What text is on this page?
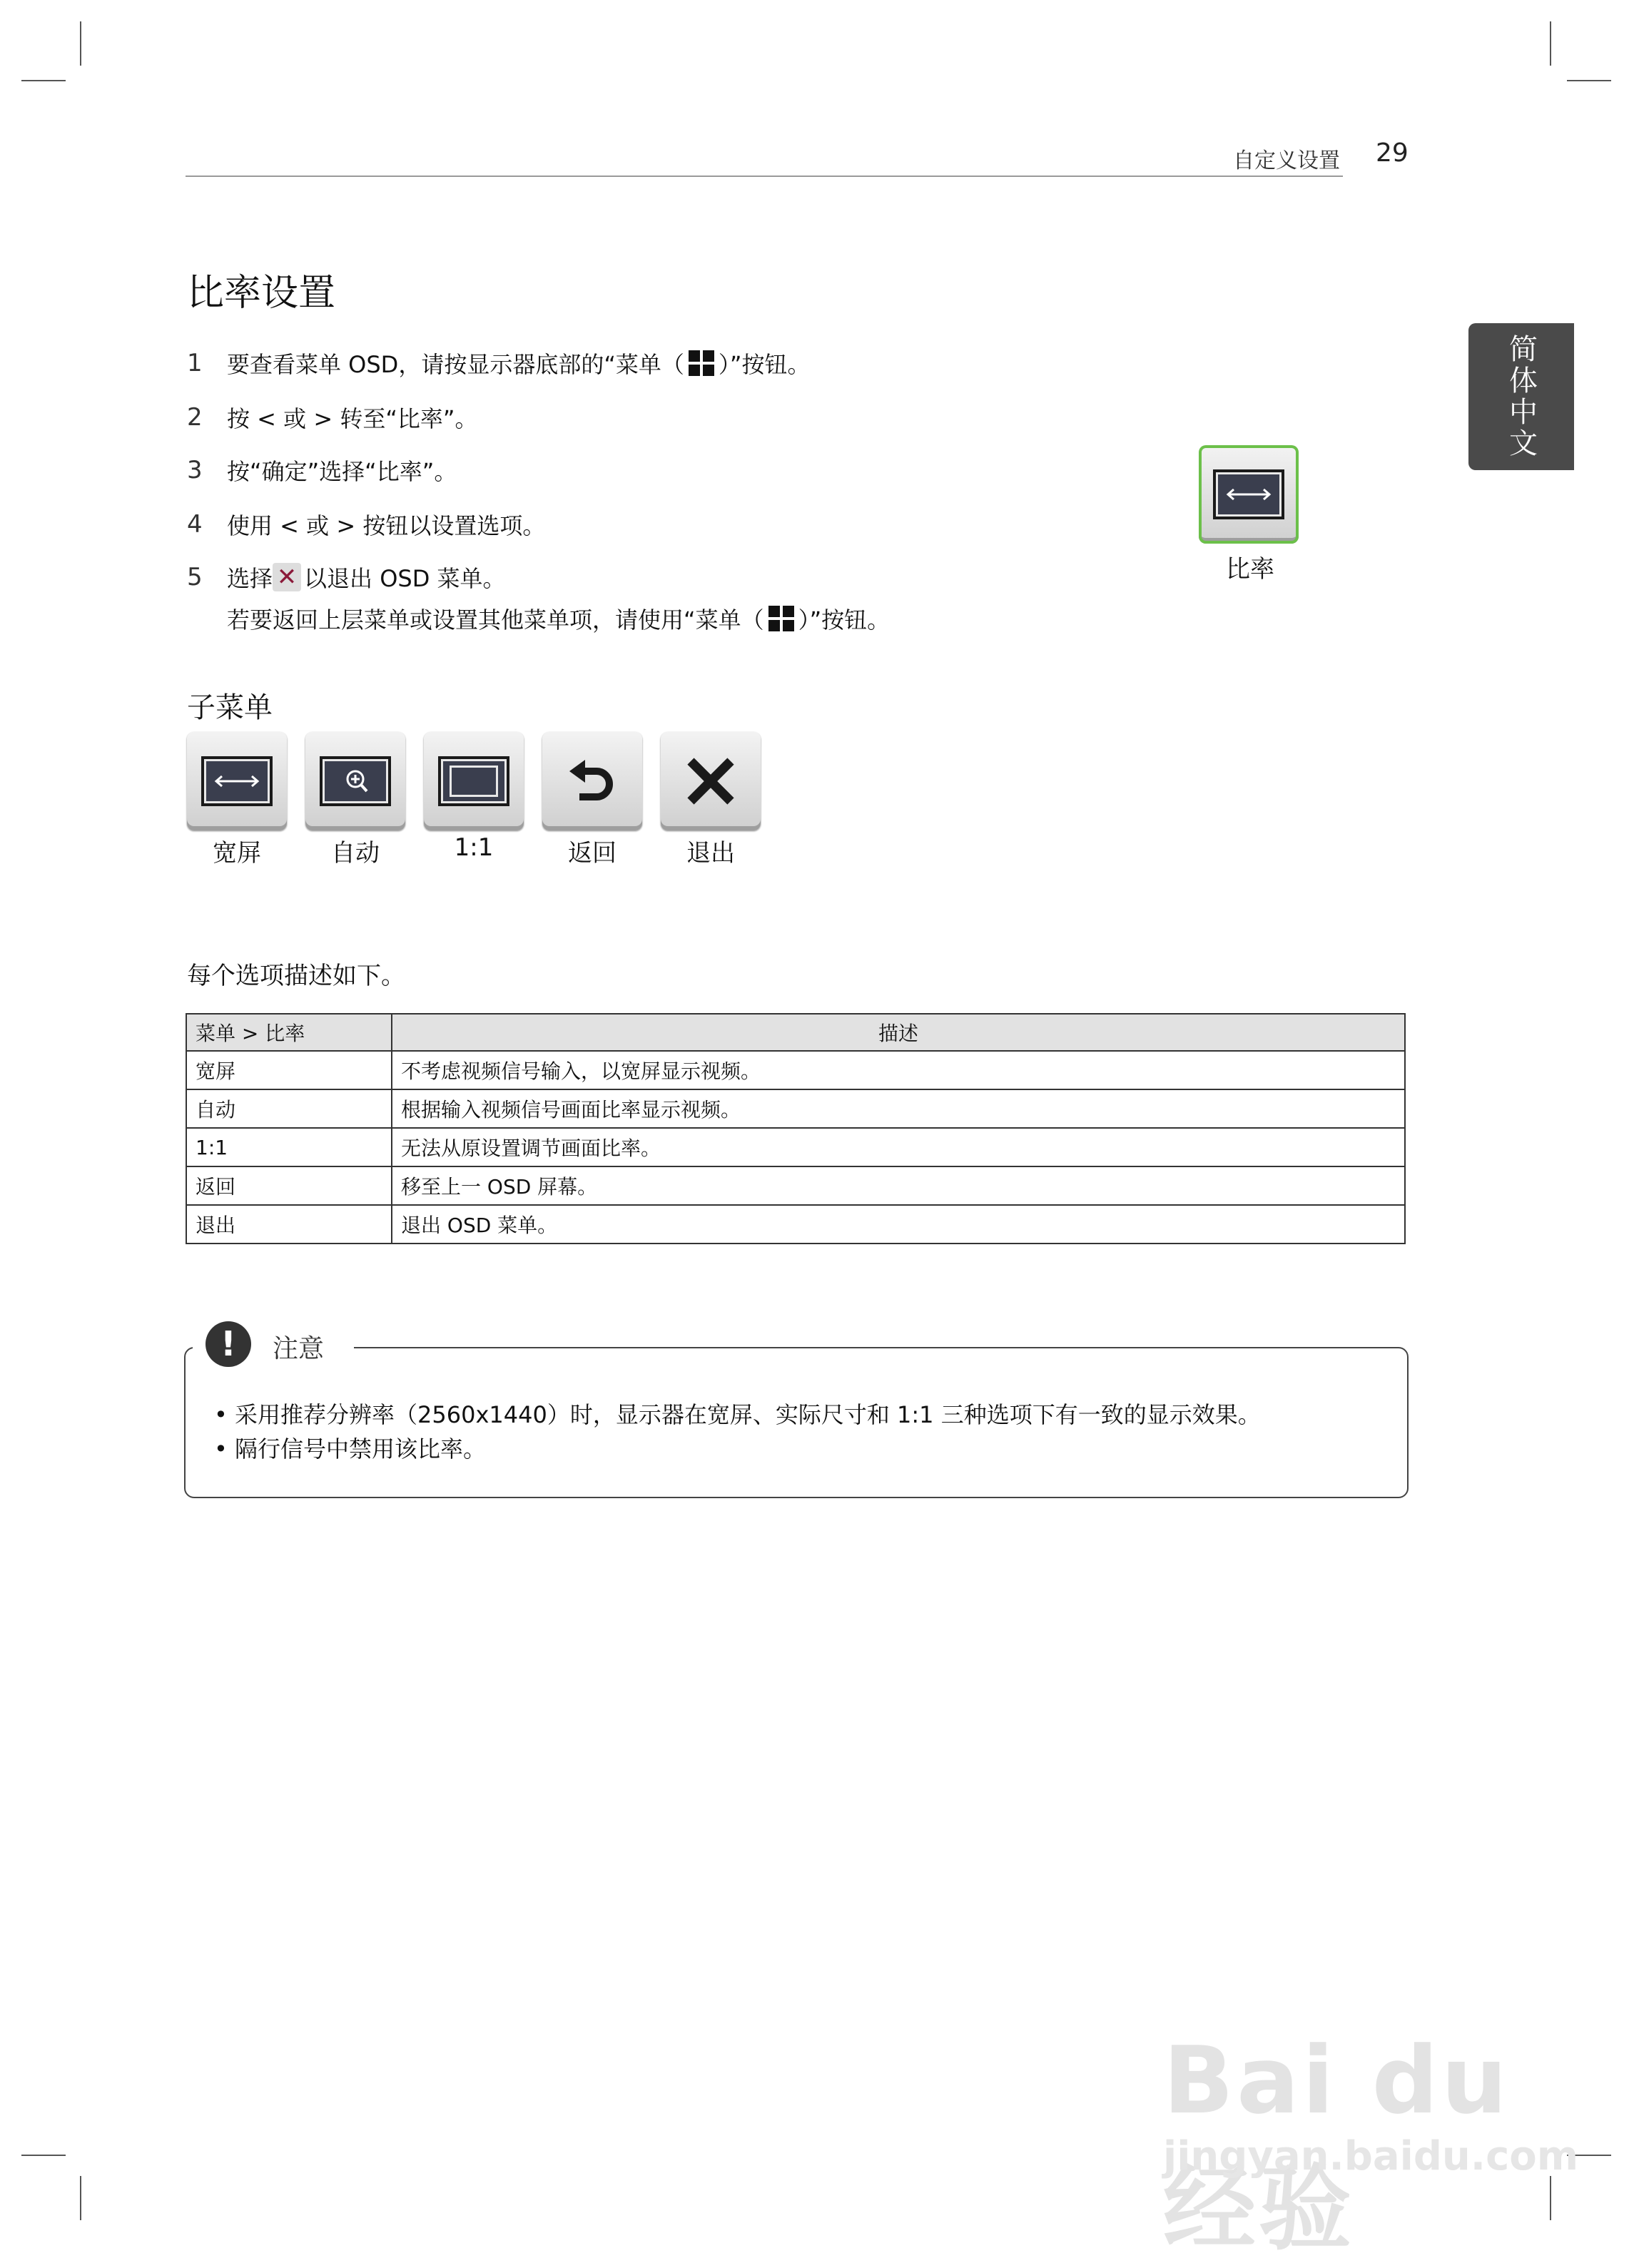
自定义设置 29
简体中文
比率设置
1	要查看菜单 OSD，请按显示器底部的“菜单（ ）”按钮。
2	按 < 或 > 转至“比率”。
3	按“确定”选择“比率”。
4	使用 < 或 > 按钮以设置选项。
5	选择 ✕ 以退出 OSD 菜单。
若要返回上层菜单或设置其他菜单项，请使用“菜单（ ）”按钮。
比率
子菜单
宽屏	自动	1:1	返回	退出
每个选项描述如下。
菜单 > 比率	描述
宽屏	不考虑视频信号输入，以宽屏显示视频。
自动	根据输入视频信号画面比率显示视频。
1:1	无法从原设置调节画面比率。
返回	移至上一 OSD 屏幕。
退出	退出 OSD 菜单。
!	注意
• 采用推荐分辨率（2560x1440）时，显示器在宽屏、实际尺寸和 1:1 三种选项下有一致的显示效果。
• 隔行信号中禁用该比率。
Bai du 经验
jingyan.baidu.com
